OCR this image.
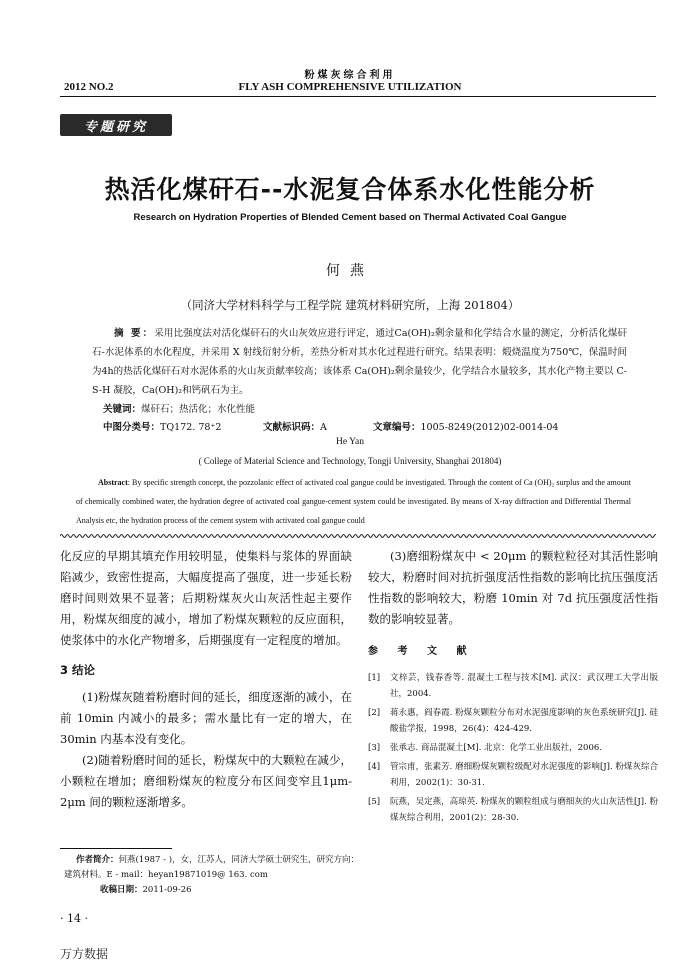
粉煤灰综合利用
2012 NO.2	FLY ASH COMPREHENSIVE UTILIZATION
专题研究
热活化煤矸石--水泥复合体系水化性能分析
Research on Hydration Properties of Blended Cement based on Thermal Activated Coal Gangue
何燕
（同济大学材料科学与工程学院 建筑材料研究所，上海 201804）
摘 要：采用比强度法对活化煤矸石的火山灰效应进行评定，通过Ca(OH)₂剩余量和化学结合水量的测定，分析活化煤矸石-水泥体系的水化程度，并采用 X 射线衍射分析，差热分析对其水化过程进行研究。结果表明：煅烧温度为750℃，保温时间为4h的热活化煤矸石对水泥体系的火山灰贡献率较高；该体系 Ca(OH)₂剩余量较少，化学结合水量较多，其水化产物主要以 C-S-H 凝胶，Ca(OH)₂和钙矾石为主。
关键词：煤矸石；热活化；水化性能
中图分类号：TQ172. 78⁺2	文献标识码：A	文章编号：1005-8249(2012)02-0014-04
He Yan
( College of Material Science and Technology, Tongji University, Shanghai 201804)
Abstract: By specific strength concept, the pozzolanic effect of activated coal gangue could be investigated. Through the content of Ca (OH)₂ surplus and the amount of chemically combined water, the hydration degree of activated coal gangue-cement system could be investigated. By means of X-ray diffraction and Differential Thermal Analysis etc, the hydration process of the cement system with activated coal gangue could

化反应的早期其填充作用较明显，使集料与浆体的界面缺陷减少，致密性提高，大幅度提高了强度，进一步延长粉磨时间则效果不显著；后期粉煤灰火山灰活性起主要作用，粉煤灰细度的减小，增加了粉煤灰颗粒的反应面积，使浆体中的水化产物增多，后期强度有一定程度的增加。

3 结论

(1)粉煤灰随着粉磨时间的延长，细度逐渐的减小，在前 10min 内减小的最多；需水量比有一定的增大，在30min 内基本没有变化。

(2)随着粉磨时间的延长，粉煤灰中的大颗粒在减少，小颗粒在增加；磨细粉煤灰的粒度分布区间变窄且1μm-2μm 间的颗粒逐渐增多。

(3)磨细粉煤灰中 < 20μm 的颗粒粒径对其活性影响较大，粉磨时间对抗折强度活性指数的影响比抗压强度活性指数的影响较大，粉磨 10min 对 7d 抗压强度活性指数的影响较显著。

参 考 文 献
[1]	文梓芸，钱春香等. 混凝土工程与技术[M]. 武汉：武汉理工大学出版社，2004.
[2]	蒋永惠，阎春霞. 粉煤灰颗粒分布对水泥强度影响的灰色系统研究[J]. 硅酸盐学报，1998，26(4)：424-429.
[3]	张承志. 商品混凝土[M]. 北京：化学工业出版社，2006.
[4]	管宗甫，张素芳. 磨细粉煤灰颗粒级配对水泥强度的影响[J]. 粉煤灰综合利用，2002(1)：30-31.
[5]	阮燕，吴定燕，高琼英. 粉煤灰的颗粒组成与磨细灰的火山灰活性[J]. 粉煤灰综合利用，2001(2)：28-30.
作者简介：何燕(1987 - )，女，江苏人，同济大学硕士研究生，研究方向：建筑材料。E - mail：heyan19871019@ 163. com
收稿日期：2011-09-26
· 14 ·
万方数据
